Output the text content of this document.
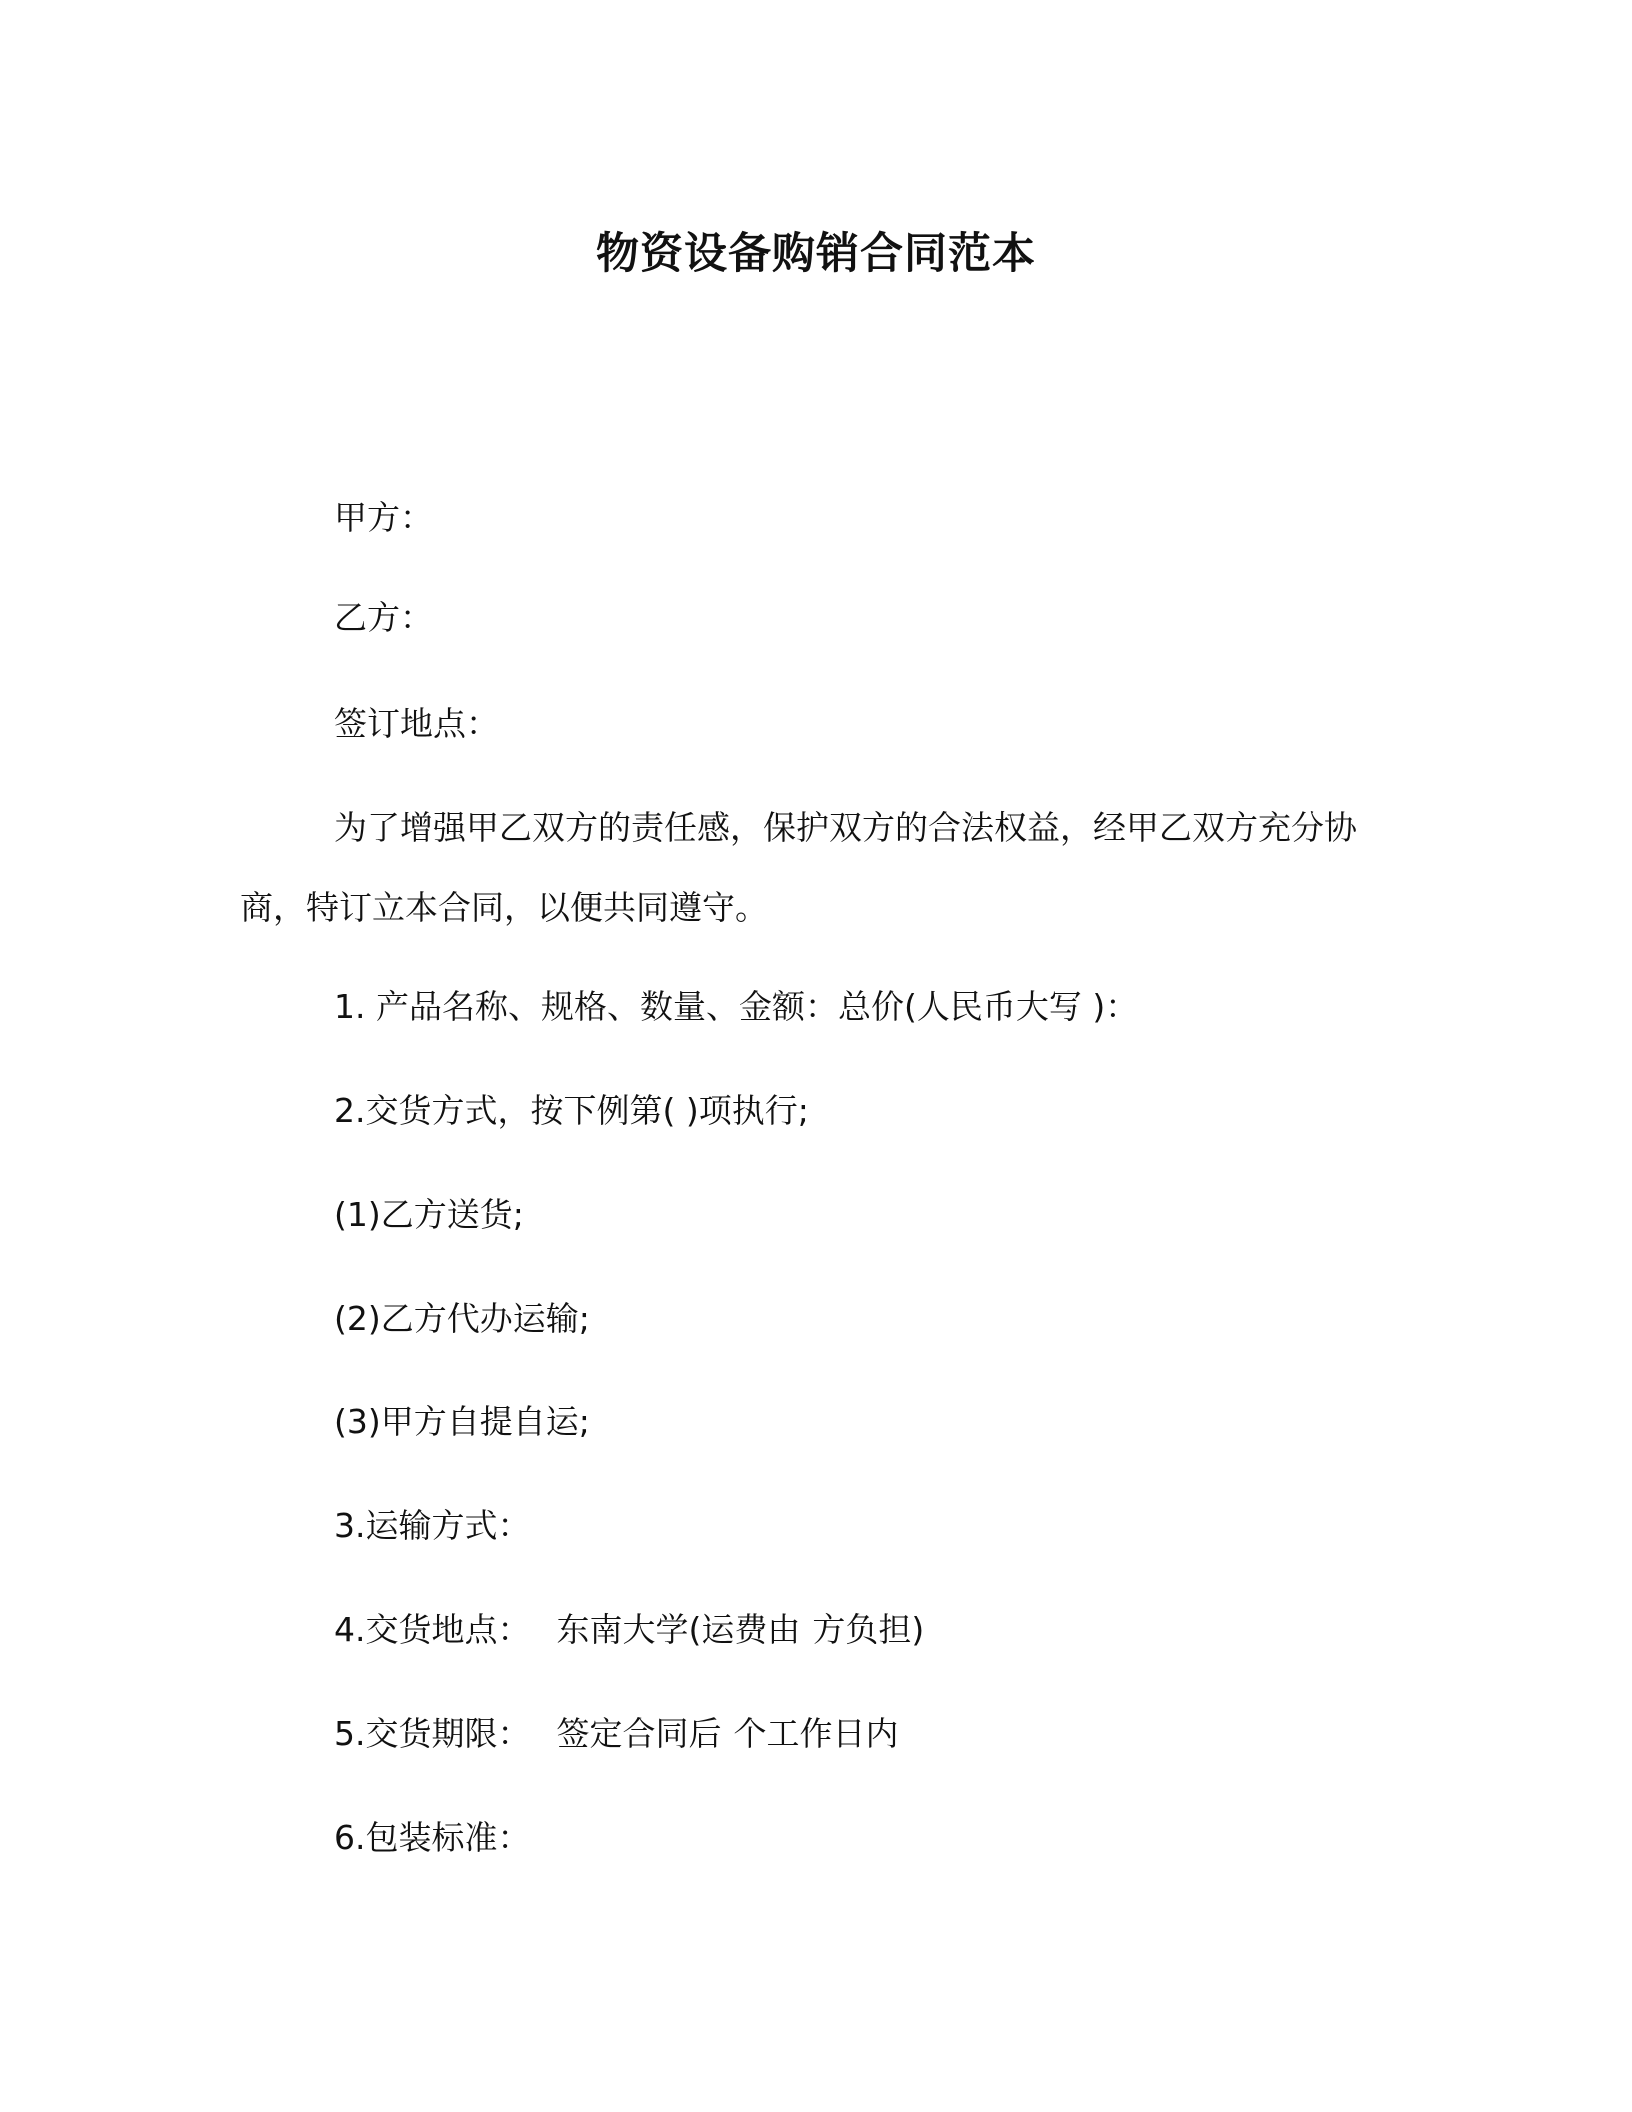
物资设备购销合同范本

甲方：

乙方：

签订地点：

为了增强甲乙双方的责任感，保护双方的合法权益，经甲乙双方充分协商，特订立本合同，以便共同遵守。

1. 产品名称、规格、数量、金额：总价(人民币大写 )：

2.交货方式，按下例第( )项执行;

(1)乙方送货;

(2)乙方代办运输;

(3)甲方自提自运;

3.运输方式：

4.交货地点： 东南大学(运费由 方负担)

5.交货期限： 签定合同后 个工作日内

6.包装标准：
